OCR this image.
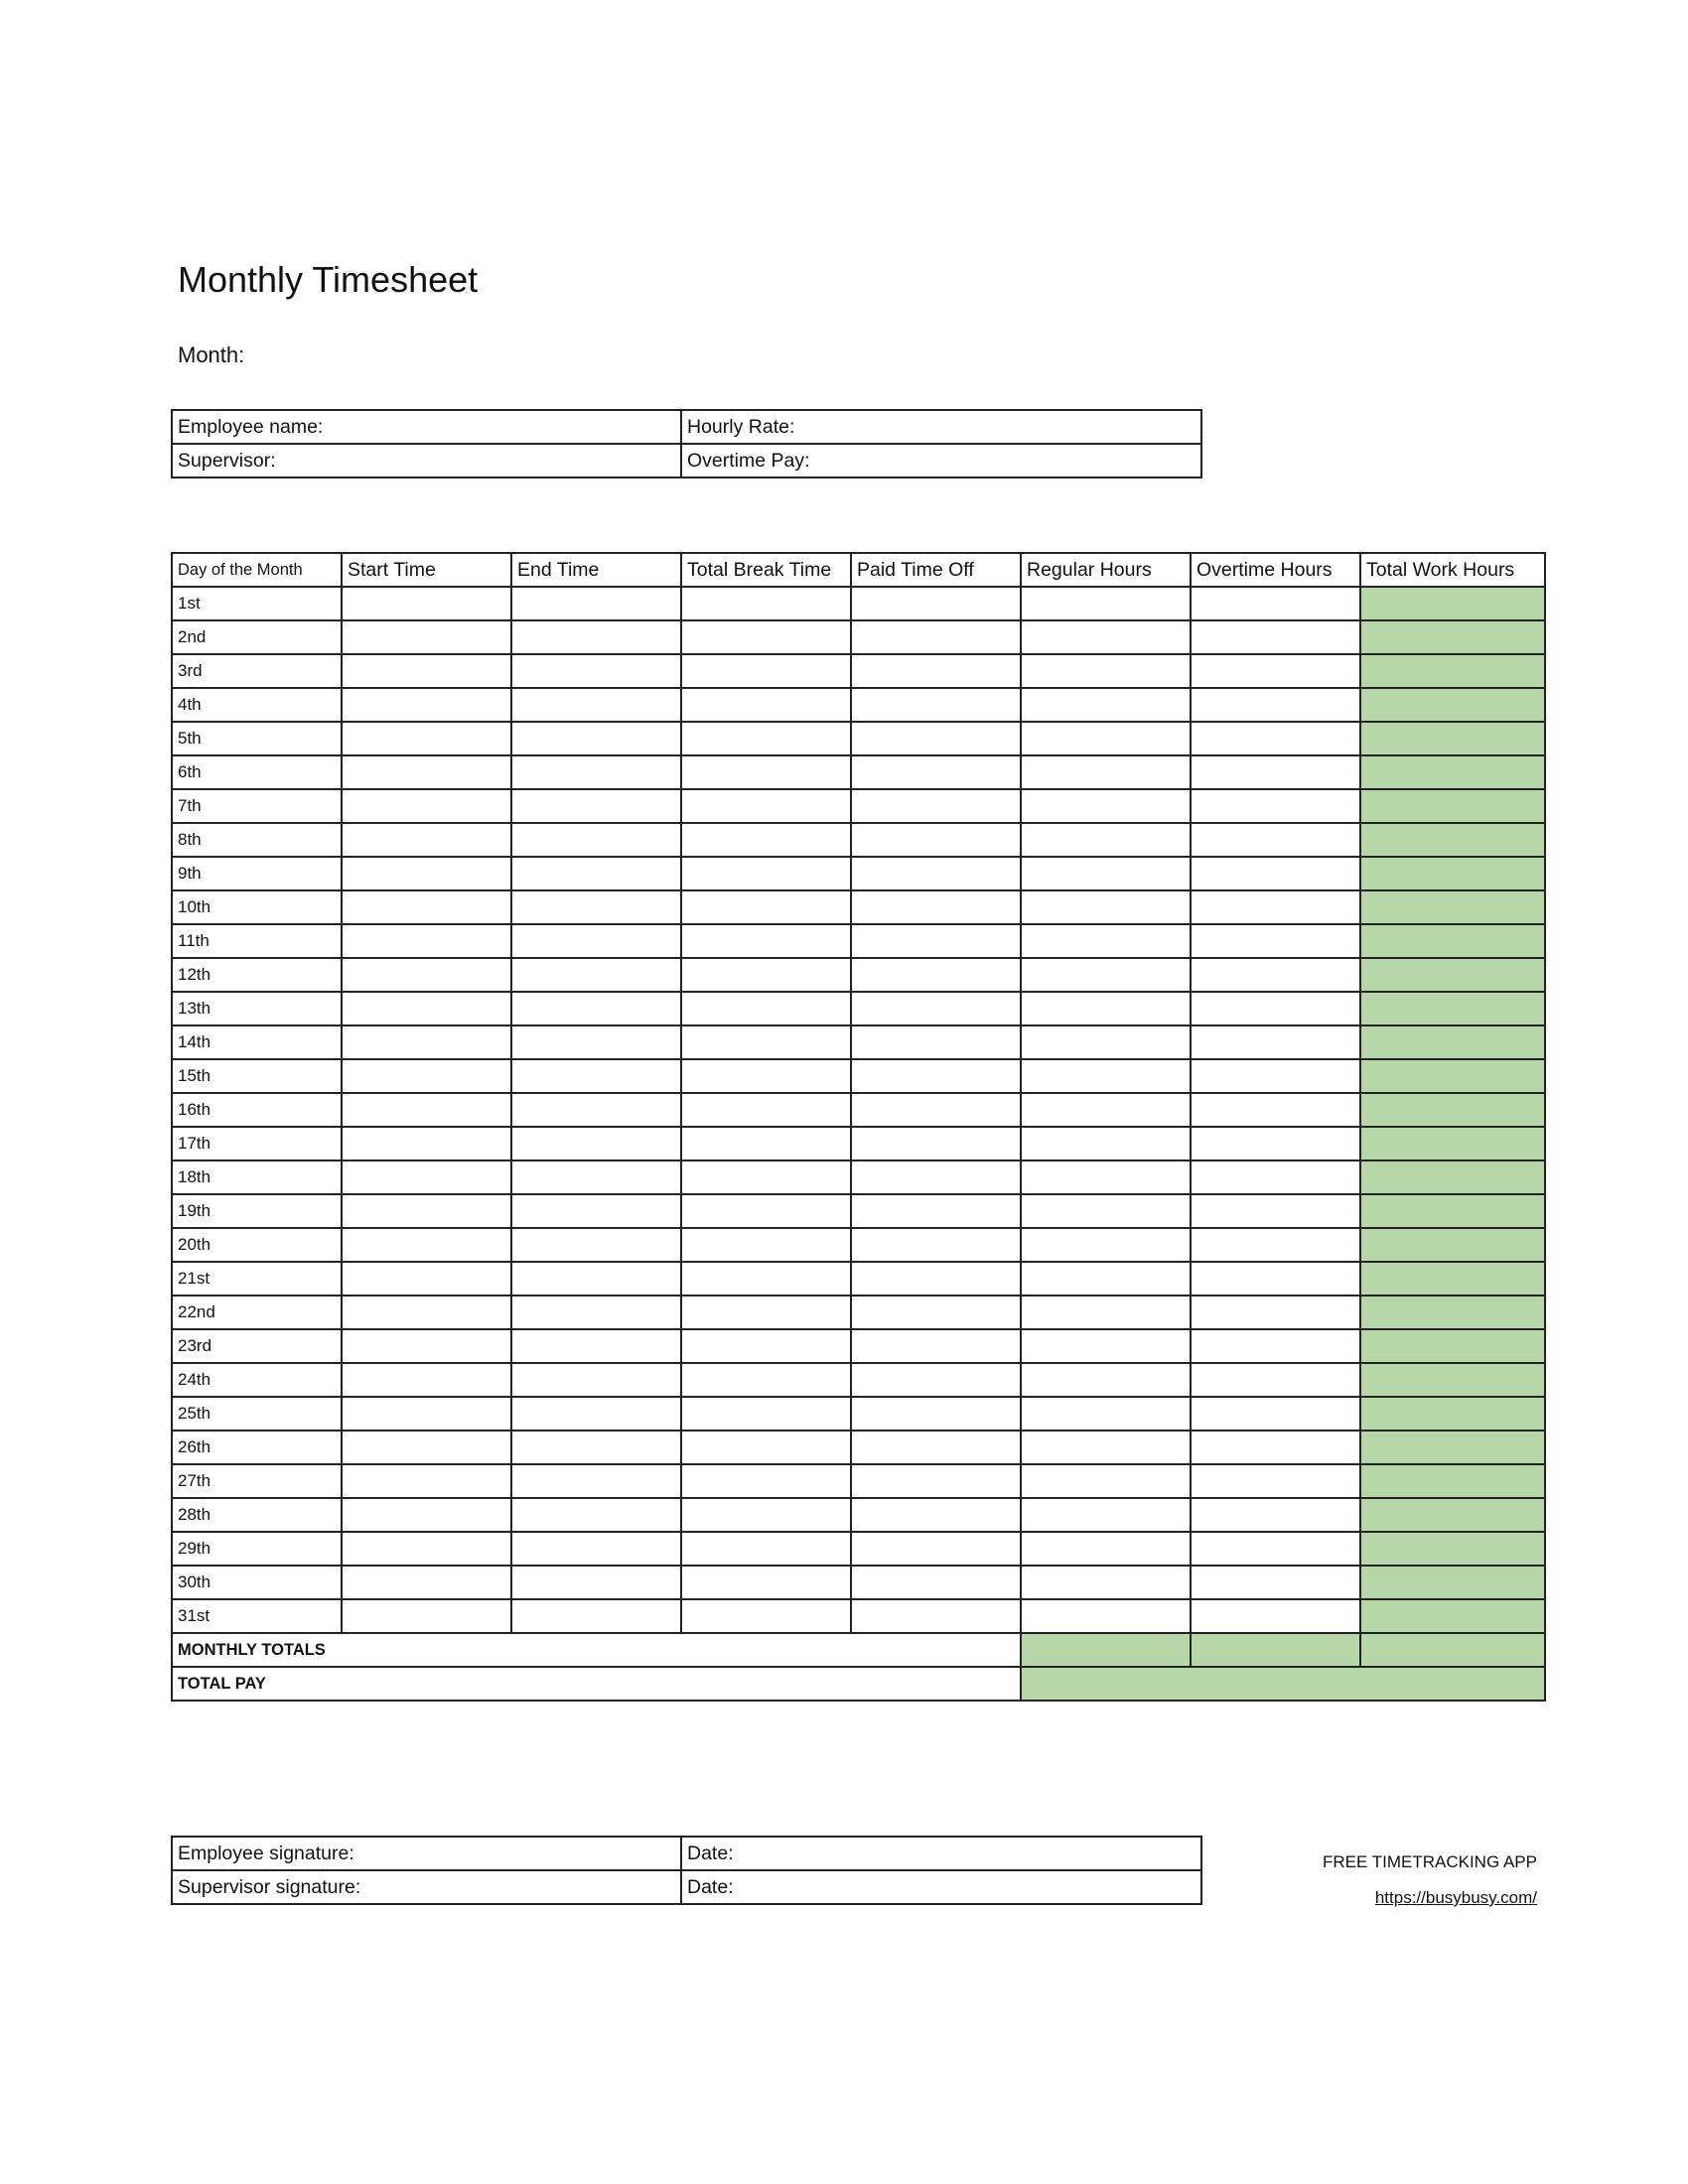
Monthly Timesheet
Month:
Employee name:	Hourly Rate:
Supervisor:	Overtime Pay:
Day of the Month	Start Time	End Time	Total Break Time	Paid Time Off	Regular Hours	Overtime Hours	Total Work Hours
1st							
2nd							
3rd							
4th							
5th							
6th							
7th							
8th							
9th							
10th							
11th							
12th							
13th							
14th							
15th							
16th							
17th							
18th							
19th							
20th							
21st							
22nd							
23rd							
24th							
25th							
26th							
27th							
28th							
29th							
30th							
31st							
MONTHLY TOTALS							
TOTAL PAY							
Employee signature:	Date:
Supervisor signature:	Date:
FREE TIMETRACKING APP
https://busybusy.com/
